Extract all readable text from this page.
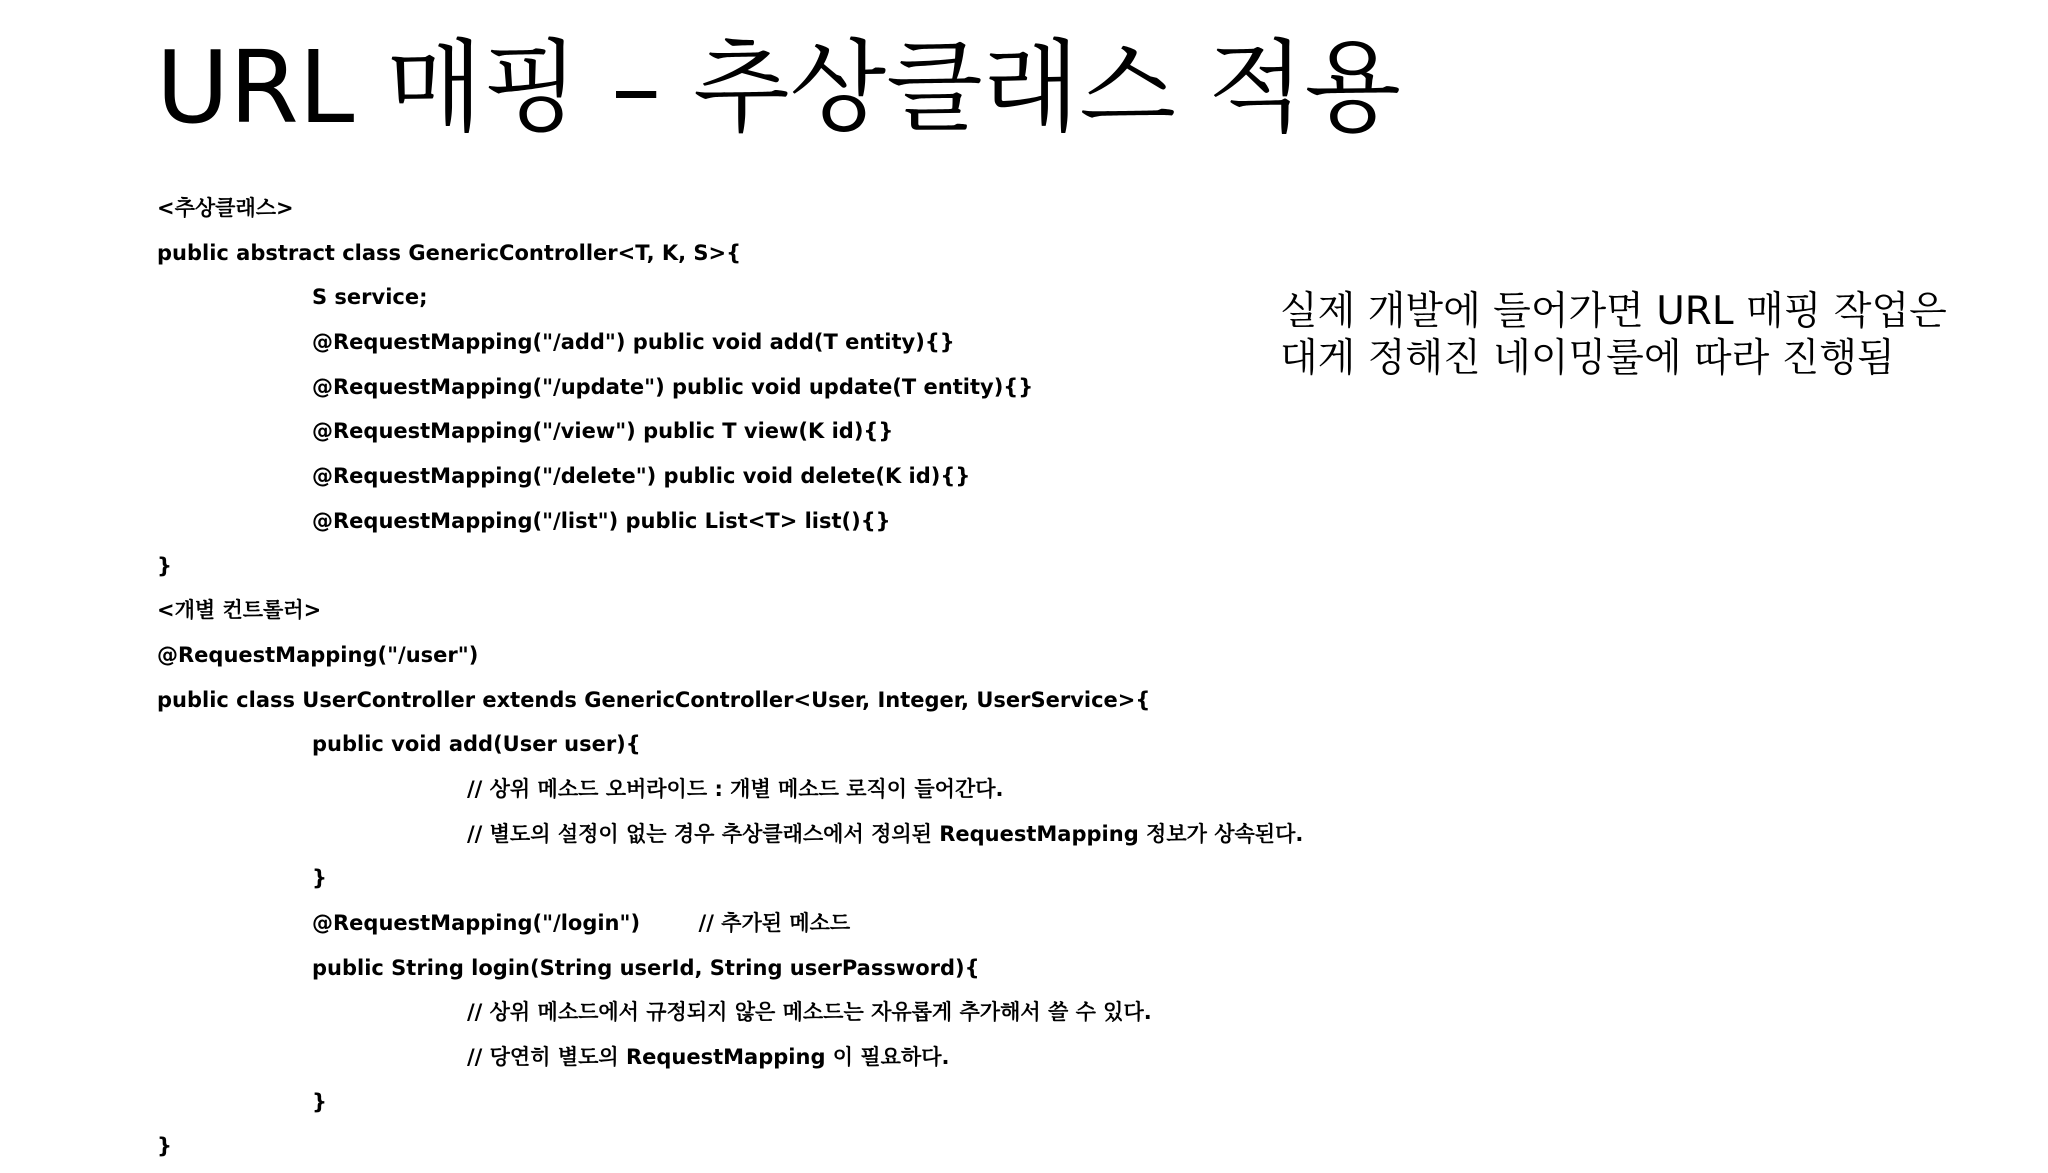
URL 매핑 – 추상클래스 적용
<추상클래스>
public abstract class GenericController<T, K, S>{
S service;
@RequestMapping("/add") public void add(T entity){}
@RequestMapping("/update") public void update(T entity){}
@RequestMapping("/view") public T view(K id){}
@RequestMapping("/delete") public void delete(K id){}
@RequestMapping("/list") public List<T> list(){}
}
<개별 컨트롤러>
@RequestMapping("/user")
public class UserController extends GenericController<User, Integer, UserService>{
public void add(User user){
// 상위 메소드 오버라이드 : 개별 메소드 로직이 들어간다.
// 별도의 설정이 없는 경우 추상클래스에서 정의된 RequestMapping 정보가 상속된다.
}
@RequestMapping("/login")        // 추가된 메소드
public String login(String userId, String userPassword){
// 상위 메소드에서 규정되지 않은 메소드는 자유롭게 추가해서 쓸 수 있다.
// 당연히 별도의 RequestMapping 이 필요하다.
}
}

실제 개발에 들어가면 URL 매핑 작업은
대게 정해진 네이밍룰에 따라 진행됨
